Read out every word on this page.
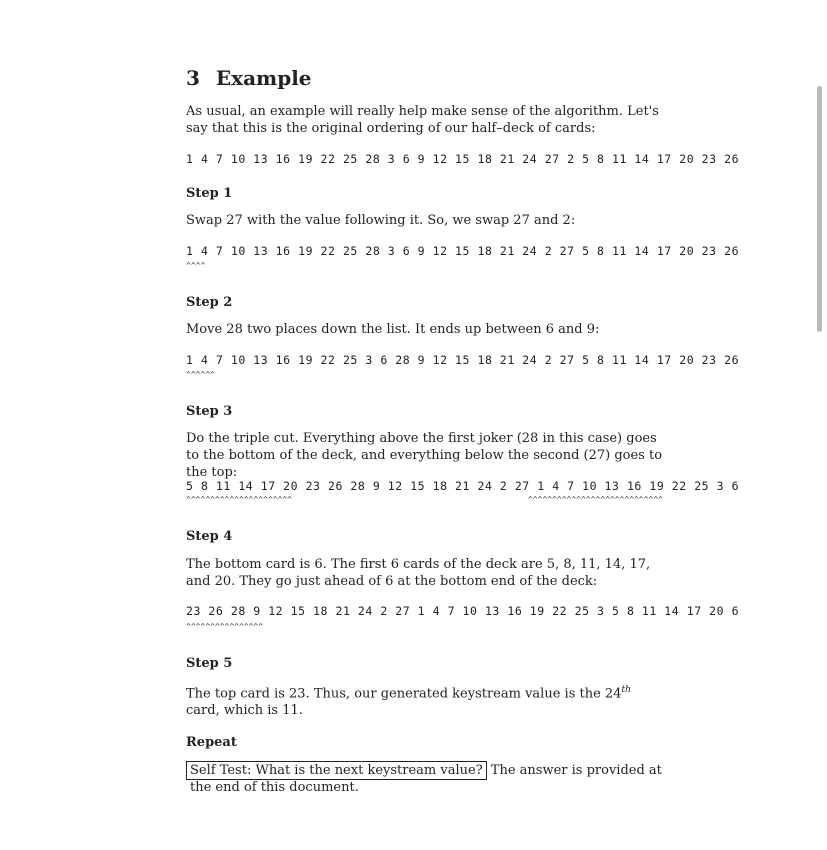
3 Example

As usual, an example will really help make sense of the algorithm. Let's say that this is the original ordering of our half–deck of cards:

1 4 7 10 13 16 19 22 25 28 3 6 9 12 15 18 21 24 27 2 5 8 11 14 17 20 23 26
Step 1

Swap 27 with the value following it. So, we swap 27 and 2:

1 4 7 10 13 16 19 22 25 28 3 6 9 12 15 18 21 24 2 27 5 8 11 14 17 20 23 26
^^^^
Step 2

Move 28 two places down the list. It ends up between 6 and 9:

1 4 7 10 13 16 19 22 25 3 6 28 9 12 15 18 21 24 2 27 5 8 11 14 17 20 23 26
^^^^^^
Step 3

Do the triple cut. Everything above the first joker (28 in this case) goes to the bottom of the deck, and everything below the second (27) goes to the top:

5 8 11 14 17 20 23 26 28 9 12 15 18 21 24 2 27 1 4 7 10 13 16 19 22 25 3 6
^^^^^^^^^^^^^^^^^^^^^^	^^^^^^^^^^^^^^^^^^^^^^^^^^^^
Step 4

The bottom card is 6. The first 6 cards of the deck are 5, 8, 11, 14, 17, and 20. They go just ahead of 6 at the bottom end of the deck:

23 26 28 9 12 15 18 21 24 2 27 1 4 7 10 13 16 19 22 25 3 5 8 11 14 17 20 6
^^^^^^^^^^^^^^^^
Step 5

The top card is 23. Thus, our generated keystream value is the 24th card, which is 11.

Repeat

Self Test: What is the next keystream value? The answer is provided at the end of this document.
